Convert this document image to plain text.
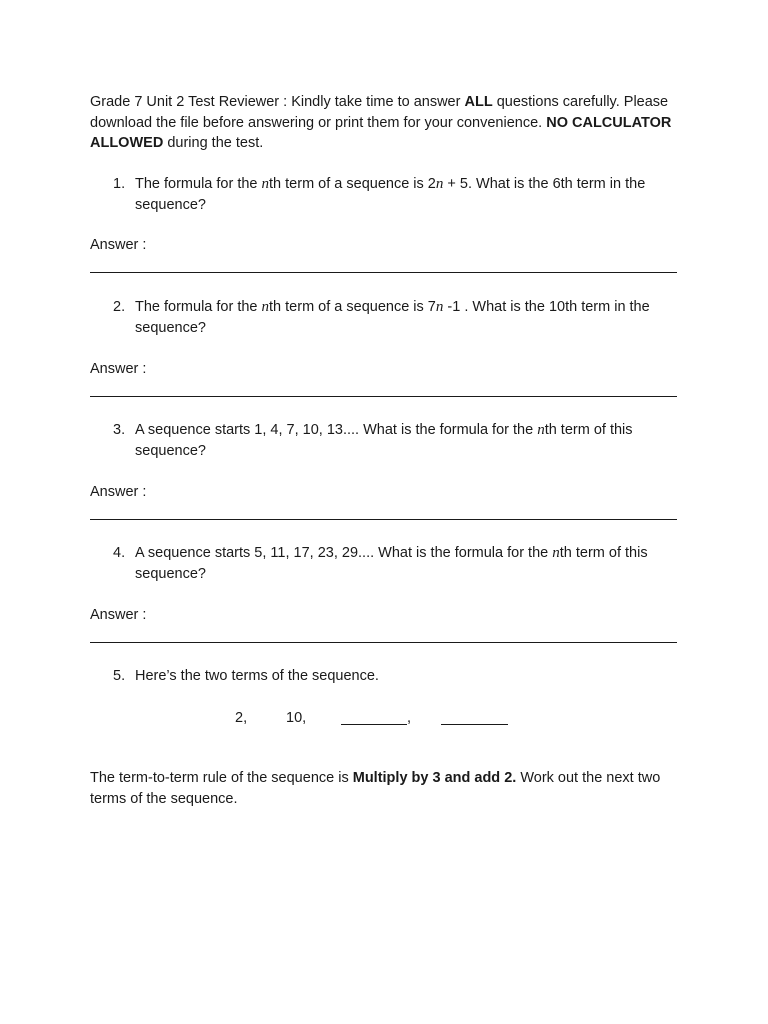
Grade 7 Unit 2 Test Reviewer : Kindly take time to answer ALL questions carefully. Please download the file before answering or print them for your convenience. NO CALCULATOR ALLOWED during the test.
1. The formula for the nth term of a sequence is 2n + 5. What is the 6th term in the sequence?
Answer :
2. The formula for the nth term of a sequence is 7n -1 . What is the 10th term in the sequence?
Answer :
3. A sequence starts 1, 4, 7, 10, 13.... What is the formula for the nth term of this sequence?
Answer :
4. A sequence starts 5, 11, 17, 23, 29.... What is the formula for the nth term of this sequence?
Answer :
5. Here’s the two terms of the sequence.
2,	10,	,
The term-to-term rule of the sequence is Multiply by 3 and add 2. Work out the next two terms of the sequence.
